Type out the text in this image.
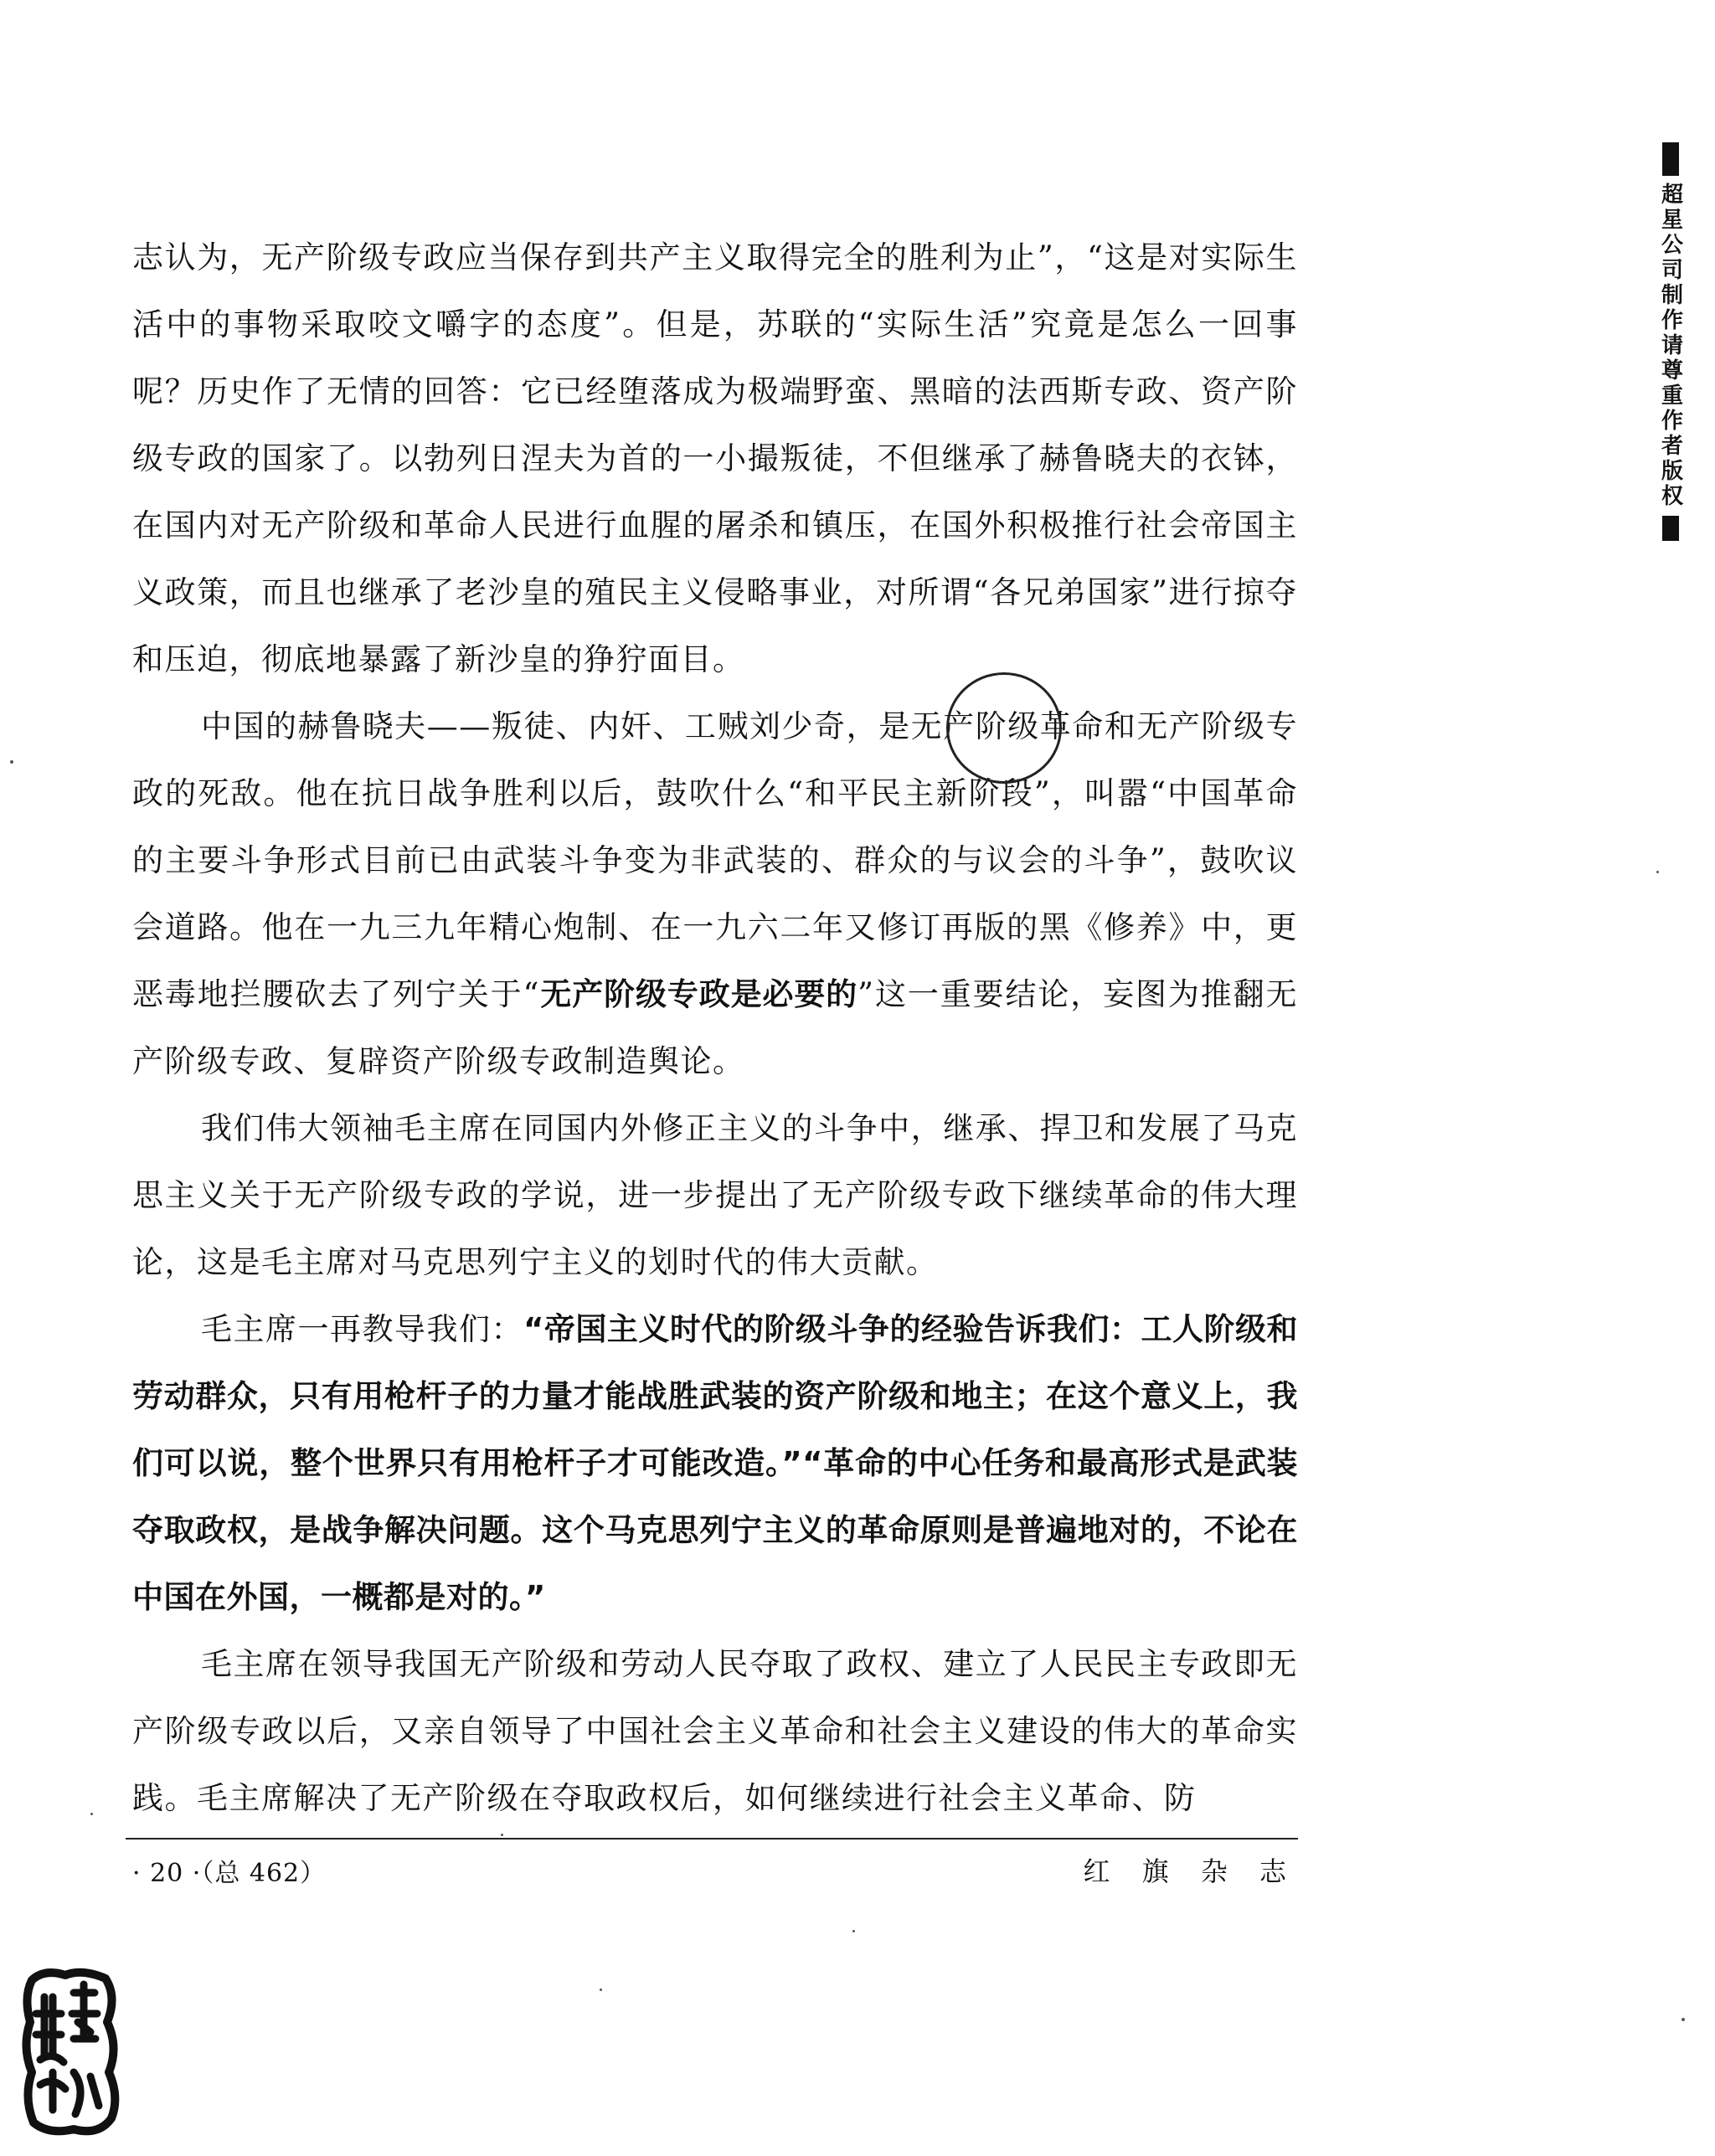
志认为，无产阶级专政应当保存到共产主义取得完全的胜利为止”，“这是对实际生活中的事物采取咬文嚼字的态度”。但是，苏联的“实际生活”究竟是怎么一回事呢？历史作了无情的回答：它已经堕落成为极端野蛮、黑暗的法西斯专政、资产阶级专政的国家了。以勃列日涅夫为首的一小撮叛徒，不但继承了赫鲁晓夫的衣钵，在国内对无产阶级和革命人民进行血腥的屠杀和镇压，在国外积极推行社会帝国主义政策，而且也继承了老沙皇的殖民主义侵略事业，对所谓“各兄弟国家”进行掠夺和压迫，彻底地暴露了新沙皇的狰狞面目。

中国的赫鲁晓夫——叛徒、内奸、工贼刘少奇，是无产阶级革命和无产阶级专政的死敌。他在抗日战争胜利以后，鼓吹什么“和平民主新阶段”，叫嚣“中国革命的主要斗争形式目前已由武装斗争变为非武装的、群众的与议会的斗争”，鼓吹议会道路。他在一九三九年精心炮制、在一九六二年又修订再版的黑《修养》中，更恶毒地拦腰砍去了列宁关于“无产阶级专政是必要的”这一重要结论，妄图为推翻无产阶级专政、复辟资产阶级专政制造舆论。

我们伟大领袖毛主席在同国内外修正主义的斗争中，继承、捍卫和发展了马克思主义关于无产阶级专政的学说，进一步提出了无产阶级专政下继续革命的伟大理论，这是毛主席对马克思列宁主义的划时代的伟大贡献。

毛主席一再教导我们：“帝国主义时代的阶级斗争的经验告诉我们：工人阶级和劳动群众，只有用枪杆子的力量才能战胜武装的资产阶级和地主；在这个意义上，我们可以说，整个世界只有用枪杆子才可能改造。”“革命的中心任务和最高形式是武装夺取政权，是战争解决问题。这个马克思列宁主义的革命原则是普遍地对的，不论在中国在外国，一概都是对的。”

毛主席在领导我国无产阶级和劳动人民夺取了政权、建立了人民民主专政即无产阶级专政以后，又亲自领导了中国社会主义革命和社会主义建设的伟大的革命实践。毛主席解决了无产阶级在夺取政权后，如何继续进行社会主义革命、防

· 20 ·（总 462）	红 旗 杂 志
超星公司制作请尊重作者版权
